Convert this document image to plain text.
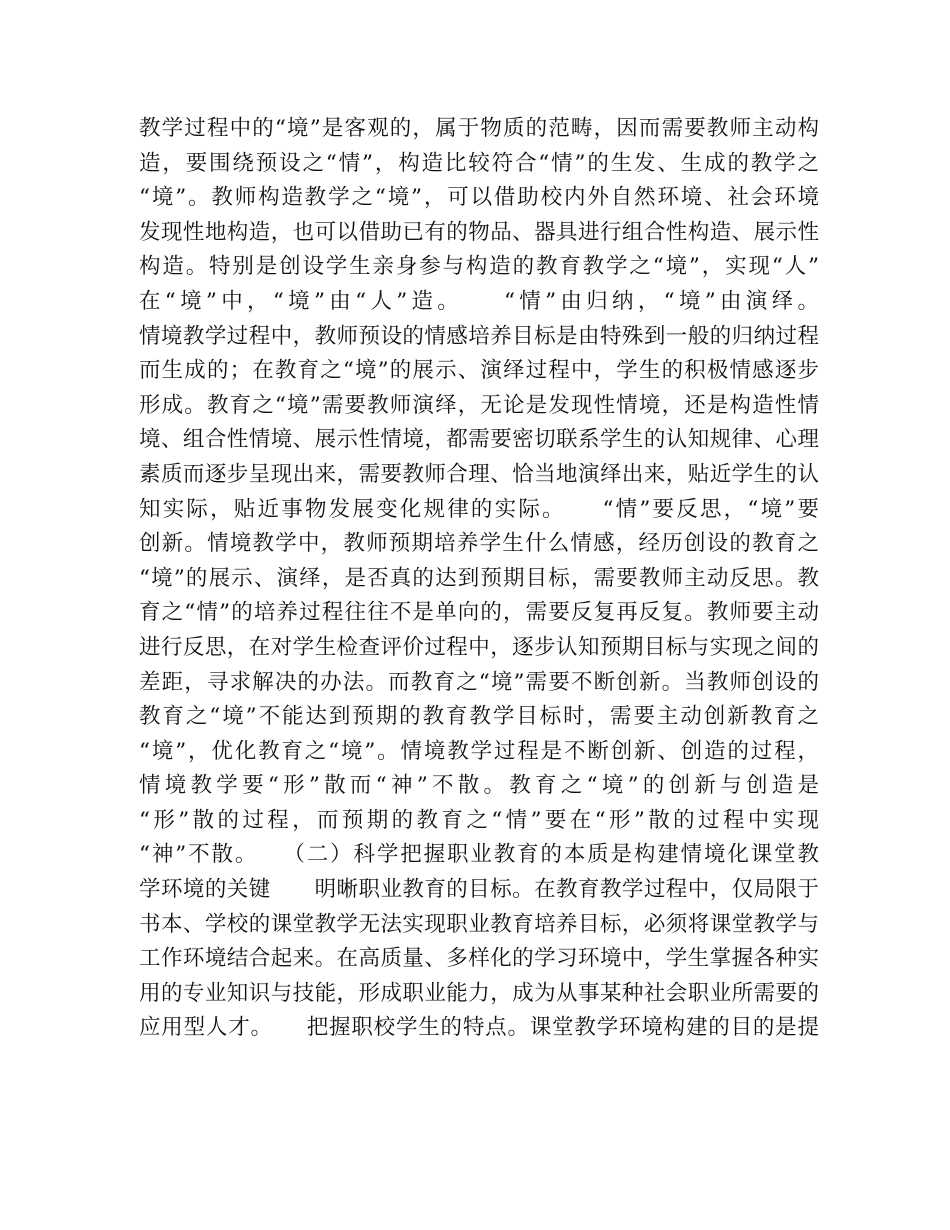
教学过程中的“境”是客观的，属于物质的范畴，因而需要教师主动构
造，要围绕预设之“情”，构造比较符合“情”的生发、生成的教学之
“境”。教师构造教学之“境”，可以借助校内外自然环境、社会环境
发现性地构造，也可以借助已有的物品、器具进行组合性构造、展示性
构造。特别是创设学生亲身参与构造的教育教学之“境”，实现“人”
在“境”中，“境”由“人”造。　　“情”由归纳，“境”由演绎。
情境教学过程中，教师预设的情感培养目标是由特殊到一般的归纳过程
而生成的；在教育之“境”的展示、演绎过程中，学生的积极情感逐步
形成。教育之“境”需要教师演绎，无论是发现性情境，还是构造性情
境、组合性情境、展示性情境，都需要密切联系学生的认知规律、心理
素质而逐步呈现出来，需要教师合理、恰当地演绎出来，贴近学生的认
知实际，贴近事物发展变化规律的实际。　　“情”要反思，“境”要
创新。情境教学中，教师预期培养学生什么情感，经历创设的教育之
“境”的展示、演绎，是否真的达到预期目标，需要教师主动反思。教
育之“情”的培养过程往往不是单向的，需要反复再反复。教师要主动
进行反思，在对学生检查评价过程中，逐步认知预期目标与实现之间的
差距，寻求解决的办法。而教育之“境”需要不断创新。当教师创设的
教育之“境”不能达到预期的教育教学目标时，需要主动创新教育之
“境”，优化教育之“境”。情境教学过程是不断创新、创造的过程，
情境教学要“形”散而“神”不散。教育之“境”的创新与创造是
“形”散的过程，而预期的教育之“情”要在“形”散的过程中实现
“神”不散。　　（二）科学把握职业教育的本质是构建情境化课堂教
学环境的关键　　明晰职业教育的目标。在教育教学过程中，仅局限于
书本、学校的课堂教学无法实现职业教育培养目标，必须将课堂教学与
工作环境结合起来。在高质量、多样化的学习环境中，学生掌握各种实
用的专业知识与技能，形成职业能力，成为从事某种社会职业所需要的
应用型人才。　　把握职校学生的特点。课堂教学环境构建的目的是提
